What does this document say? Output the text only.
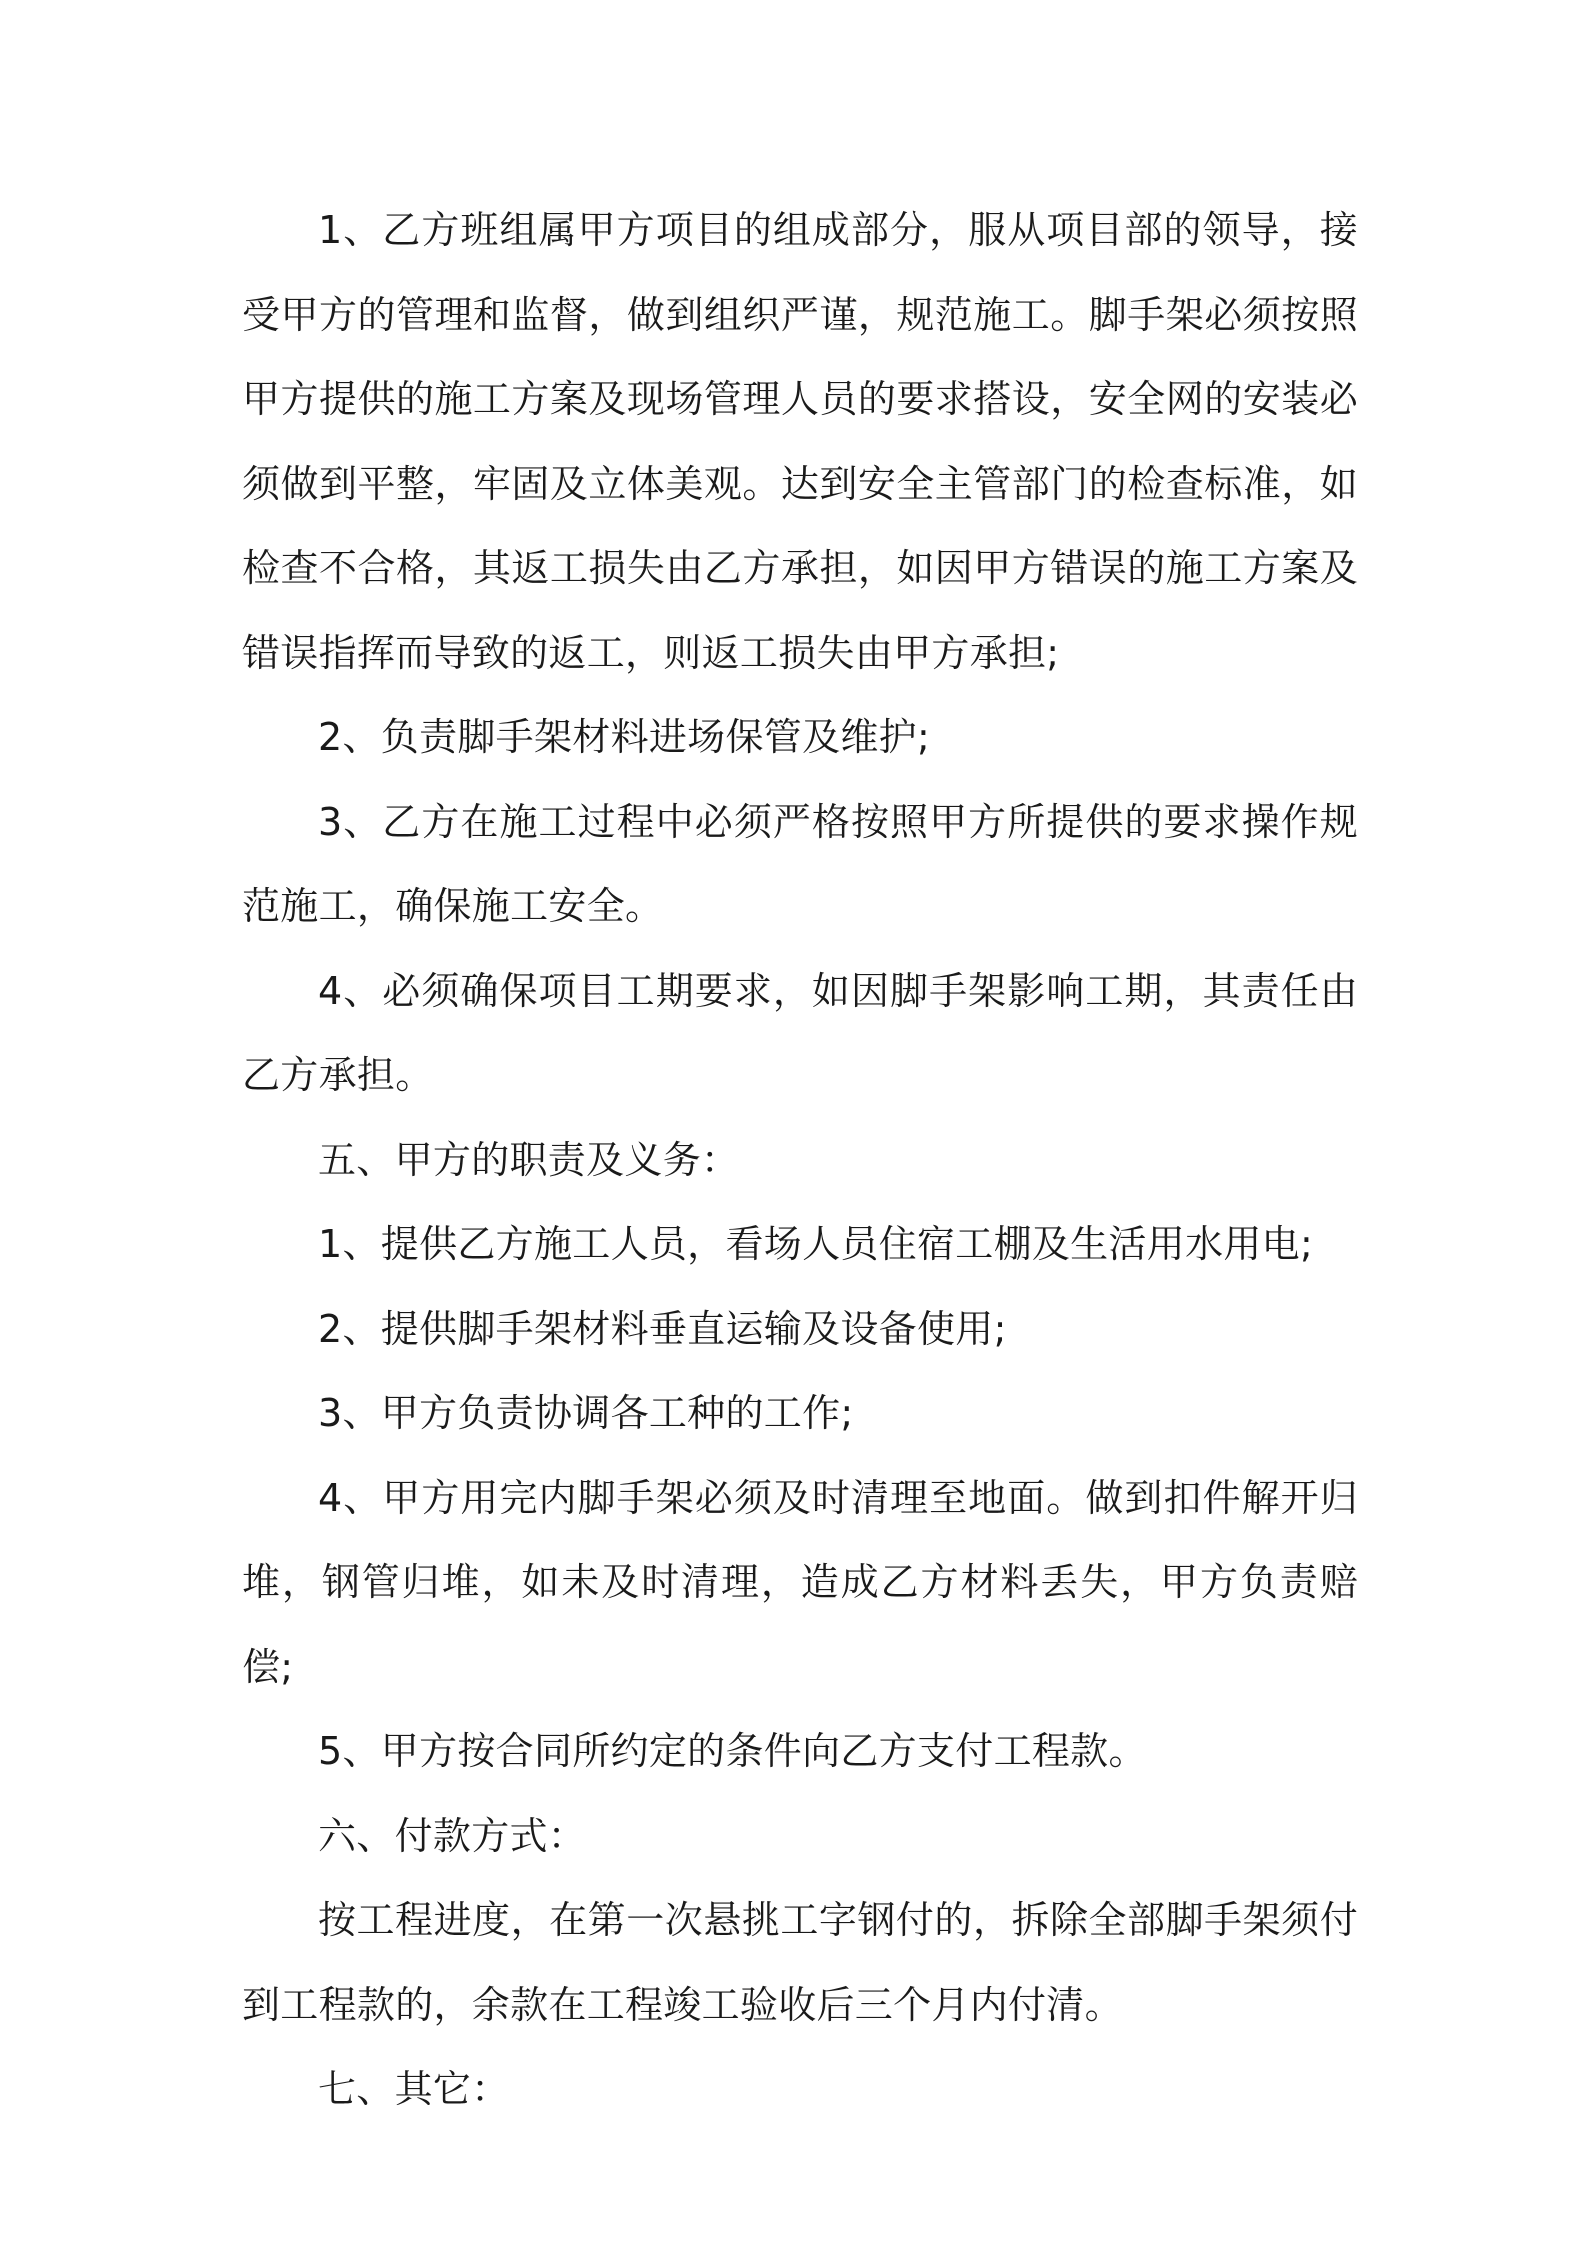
1、乙方班组属甲方项目的组成部分，服从项目部的领导，接受甲方的管理和监督，做到组织严谨，规范施工。脚手架必须按照甲方提供的施工方案及现场管理人员的要求搭设，安全网的安装必须做到平整，牢固及立体美观。达到安全主管部门的检查标准，如检查不合格，其返工损失由乙方承担，如因甲方错误的施工方案及错误指挥而导致的返工，则返工损失由甲方承担;

2、负责脚手架材料进场保管及维护;

3、乙方在施工过程中必须严格按照甲方所提供的要求操作规范施工，确保施工安全。

4、必须确保项目工期要求，如因脚手架影响工期，其责任由乙方承担。

五、甲方的职责及义务：

1、提供乙方施工人员，看场人员住宿工棚及生活用水用电;

2、提供脚手架材料垂直运输及设备使用;

3、甲方负责协调各工种的工作;

4、甲方用完内脚手架必须及时清理至地面。做到扣件解开归堆，钢管归堆，如未及时清理，造成乙方材料丢失，甲方负责赔偿;

5、甲方按合同所约定的条件向乙方支付工程款。

六、付款方式：

按工程进度，在第一次悬挑工字钢付的，拆除全部脚手架须付到工程款的，余款在工程竣工验收后三个月内付清。

七、其它：
